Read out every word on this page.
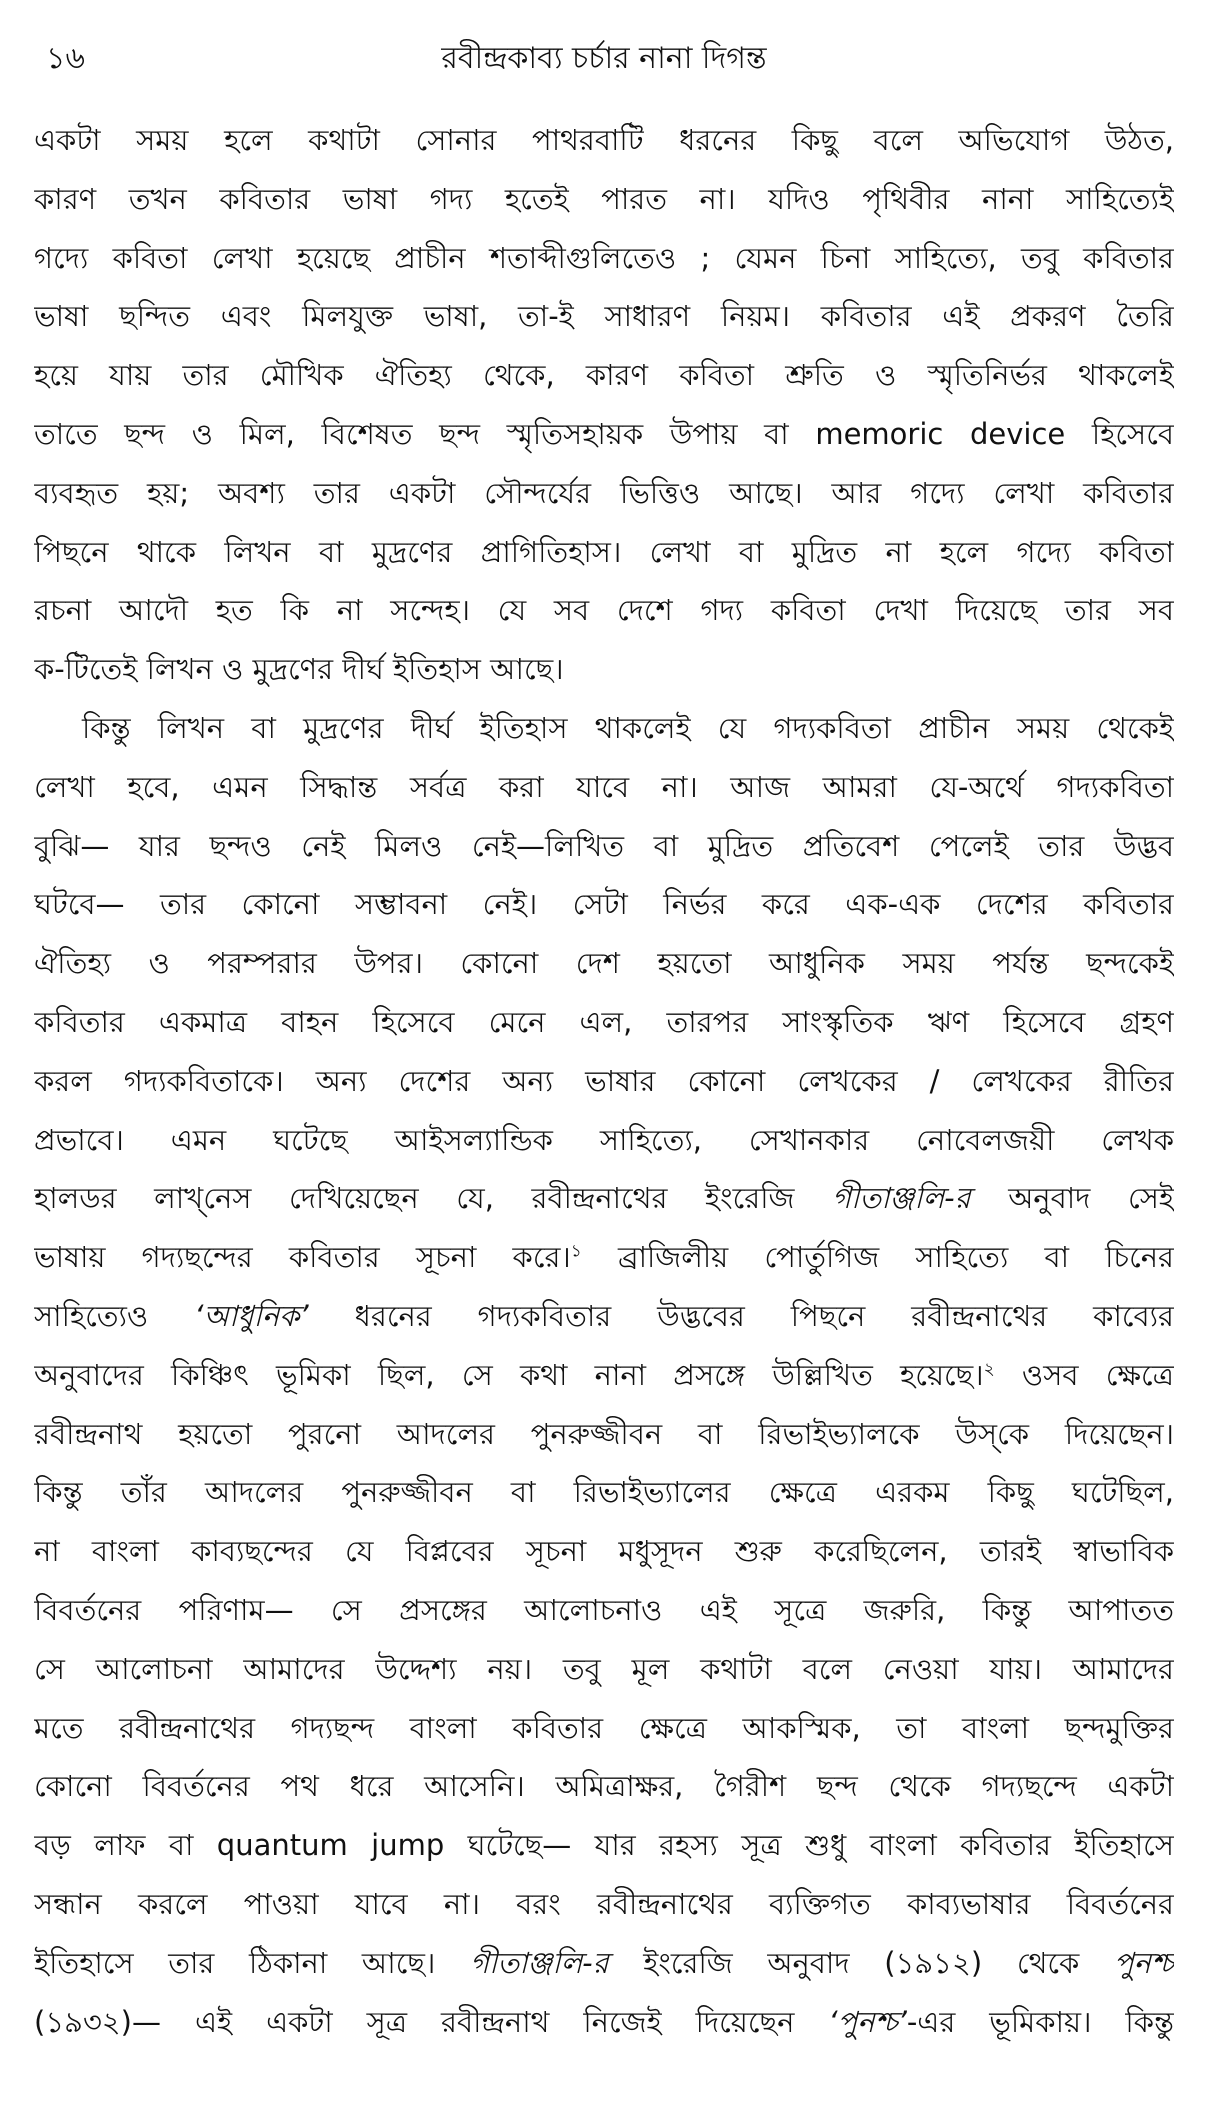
১৬	রবীন্দ্রকাব্য চর্চার নানা দিগন্ত
একটা সময় হলে কথাটা সোনার পাথরবাটি ধরনের কিছু বলে অভিযোগ উঠত,
কারণ তখন কবিতার ভাষা গদ্য হতেই পারত না। যদিও পৃথিবীর নানা সাহিত্যেই
গদ্যে কবিতা লেখা হয়েছে প্রাচীন শতাব্দীগুলিতেও ; যেমন চিনা সাহিত্যে, তবু কবিতার
ভাষা ছন্দিত এবং মিলযুক্ত ভাষা, তা-ই সাধারণ নিয়ম। কবিতার এই প্রকরণ তৈরি
হয়ে যায় তার মৌখিক ঐতিহ্য থেকে, কারণ কবিতা শ্রুতি ও স্মৃতিনির্ভর থাকলেই
তাতে ছন্দ ও মিল, বিশেষত ছন্দ স্মৃতিসহায়ক উপায় বা memoric device হিসেবে
ব্যবহৃত হয়; অবশ্য তার একটা সৌন্দর্যের ভিত্তিও আছে। আর গদ্যে লেখা কবিতার
পিছনে থাকে লিখন বা মুদ্রণের প্রাগিতিহাস। লেখা বা মুদ্রিত না হলে গদ্যে কবিতা
রচনা আদৌ হত কি না সন্দেহ। যে সব দেশে গদ্য কবিতা দেখা দিয়েছে তার সব
ক-টিতেই লিখন ও মুদ্রণের দীর্ঘ ইতিহাস আছে।
কিন্তু লিখন বা মুদ্রণের দীর্ঘ ইতিহাস থাকলেই যে গদ্যকবিতা প্রাচীন সময় থেকেই
লেখা হবে, এমন সিদ্ধান্ত সর্বত্র করা যাবে না। আজ আমরা যে-অর্থে গদ্যকবিতা
বুঝি— যার ছন্দও নেই মিলও নেই—লিখিত বা মুদ্রিত প্রতিবেশ পেলেই তার উদ্ভব
ঘটবে— তার কোনো সম্ভাবনা নেই। সেটা নির্ভর করে এক-এক দেশের কবিতার
ঐতিহ্য ও পরম্পরার উপর। কোনো দেশ হয়তো আধুনিক সময় পর্যন্ত ছন্দকেই
কবিতার একমাত্র বাহন হিসেবে মেনে এল, তারপর সাংস্কৃতিক ঋণ হিসেবে গ্রহণ
করল গদ্যকবিতাকে। অন্য দেশের অন্য ভাষার কোনো লেখকের / লেখকের রীতির
প্রভাবে। এমন ঘটেছে আইসল্যান্ডিক সাহিত্যে, সেখানকার নোবেলজয়ী লেখক
হালডর লাখ্‌নেস দেখিয়েছেন যে, রবীন্দ্রনাথের ইংরেজি গীতাঞ্জলি-র অনুবাদ সেই
ভাষায় গদ্যছন্দের কবিতার সূচনা করে।$^১$ ব্রাজিলীয় পোর্তুগিজ সাহিত্যে বা চিনের
সাহিত্যেও ‘আধুনিক’ ধরনের গদ্যকবিতার উদ্ভবের পিছনে রবীন্দ্রনাথের কাব্যের
অনুবাদের কিঞ্চিৎ ভূমিকা ছিল, সে কথা নানা প্রসঙ্গে উল্লিখিত হয়েছে।$^২$ ওসব ক্ষেত্রে
রবীন্দ্রনাথ হয়তো পুরনো আদলের পুনরুজ্জীবন বা রিভাইভ্যালকে উস্‌কে দিয়েছেন।
কিন্তু তাঁর আদলের পুনরুজ্জীবন বা রিভাইভ্যালের ক্ষেত্রে এরকম কিছু ঘটেছিল,
না বাংলা কাব্যছন্দের যে বিপ্লবের সূচনা মধুসূদন শুরু করেছিলেন, তারই স্বাভাবিক
বিবর্তনের পরিণাম— সে প্রসঙ্গের আলোচনাও এই সূত্রে জরুরি, কিন্তু আপাতত
সে আলোচনা আমাদের উদ্দেশ্য নয়। তবু মূল কথাটা বলে নেওয়া যায়। আমাদের
মতে রবীন্দ্রনাথের গদ্যছন্দ বাংলা কবিতার ক্ষেত্রে আকস্মিক, তা বাংলা ছন্দমুক্তির
কোনো বিবর্তনের পথ ধরে আসেনি। অমিত্রাক্ষর, গৈরীশ ছন্দ থেকে গদ্যছন্দে একটা
বড় লাফ বা quantum jump ঘটেছে— যার রহস্য সূত্র শুধু বাংলা কবিতার ইতিহাসে
সন্ধান করলে পাওয়া যাবে না। বরং রবীন্দ্রনাথের ব্যক্তিগত কাব্যভাষার বিবর্তনের
ইতিহাসে তার ঠিকানা আছে। গীতাঞ্জলি-র ইংরেজি অনুবাদ (১৯১২) থেকে পুনশ্চ
(১৯৩২)— এই একটা সূত্র রবীন্দ্রনাথ নিজেই দিয়েছেন ‘পুনশ্চ’-এর ভূমিকায়। কিন্তু
